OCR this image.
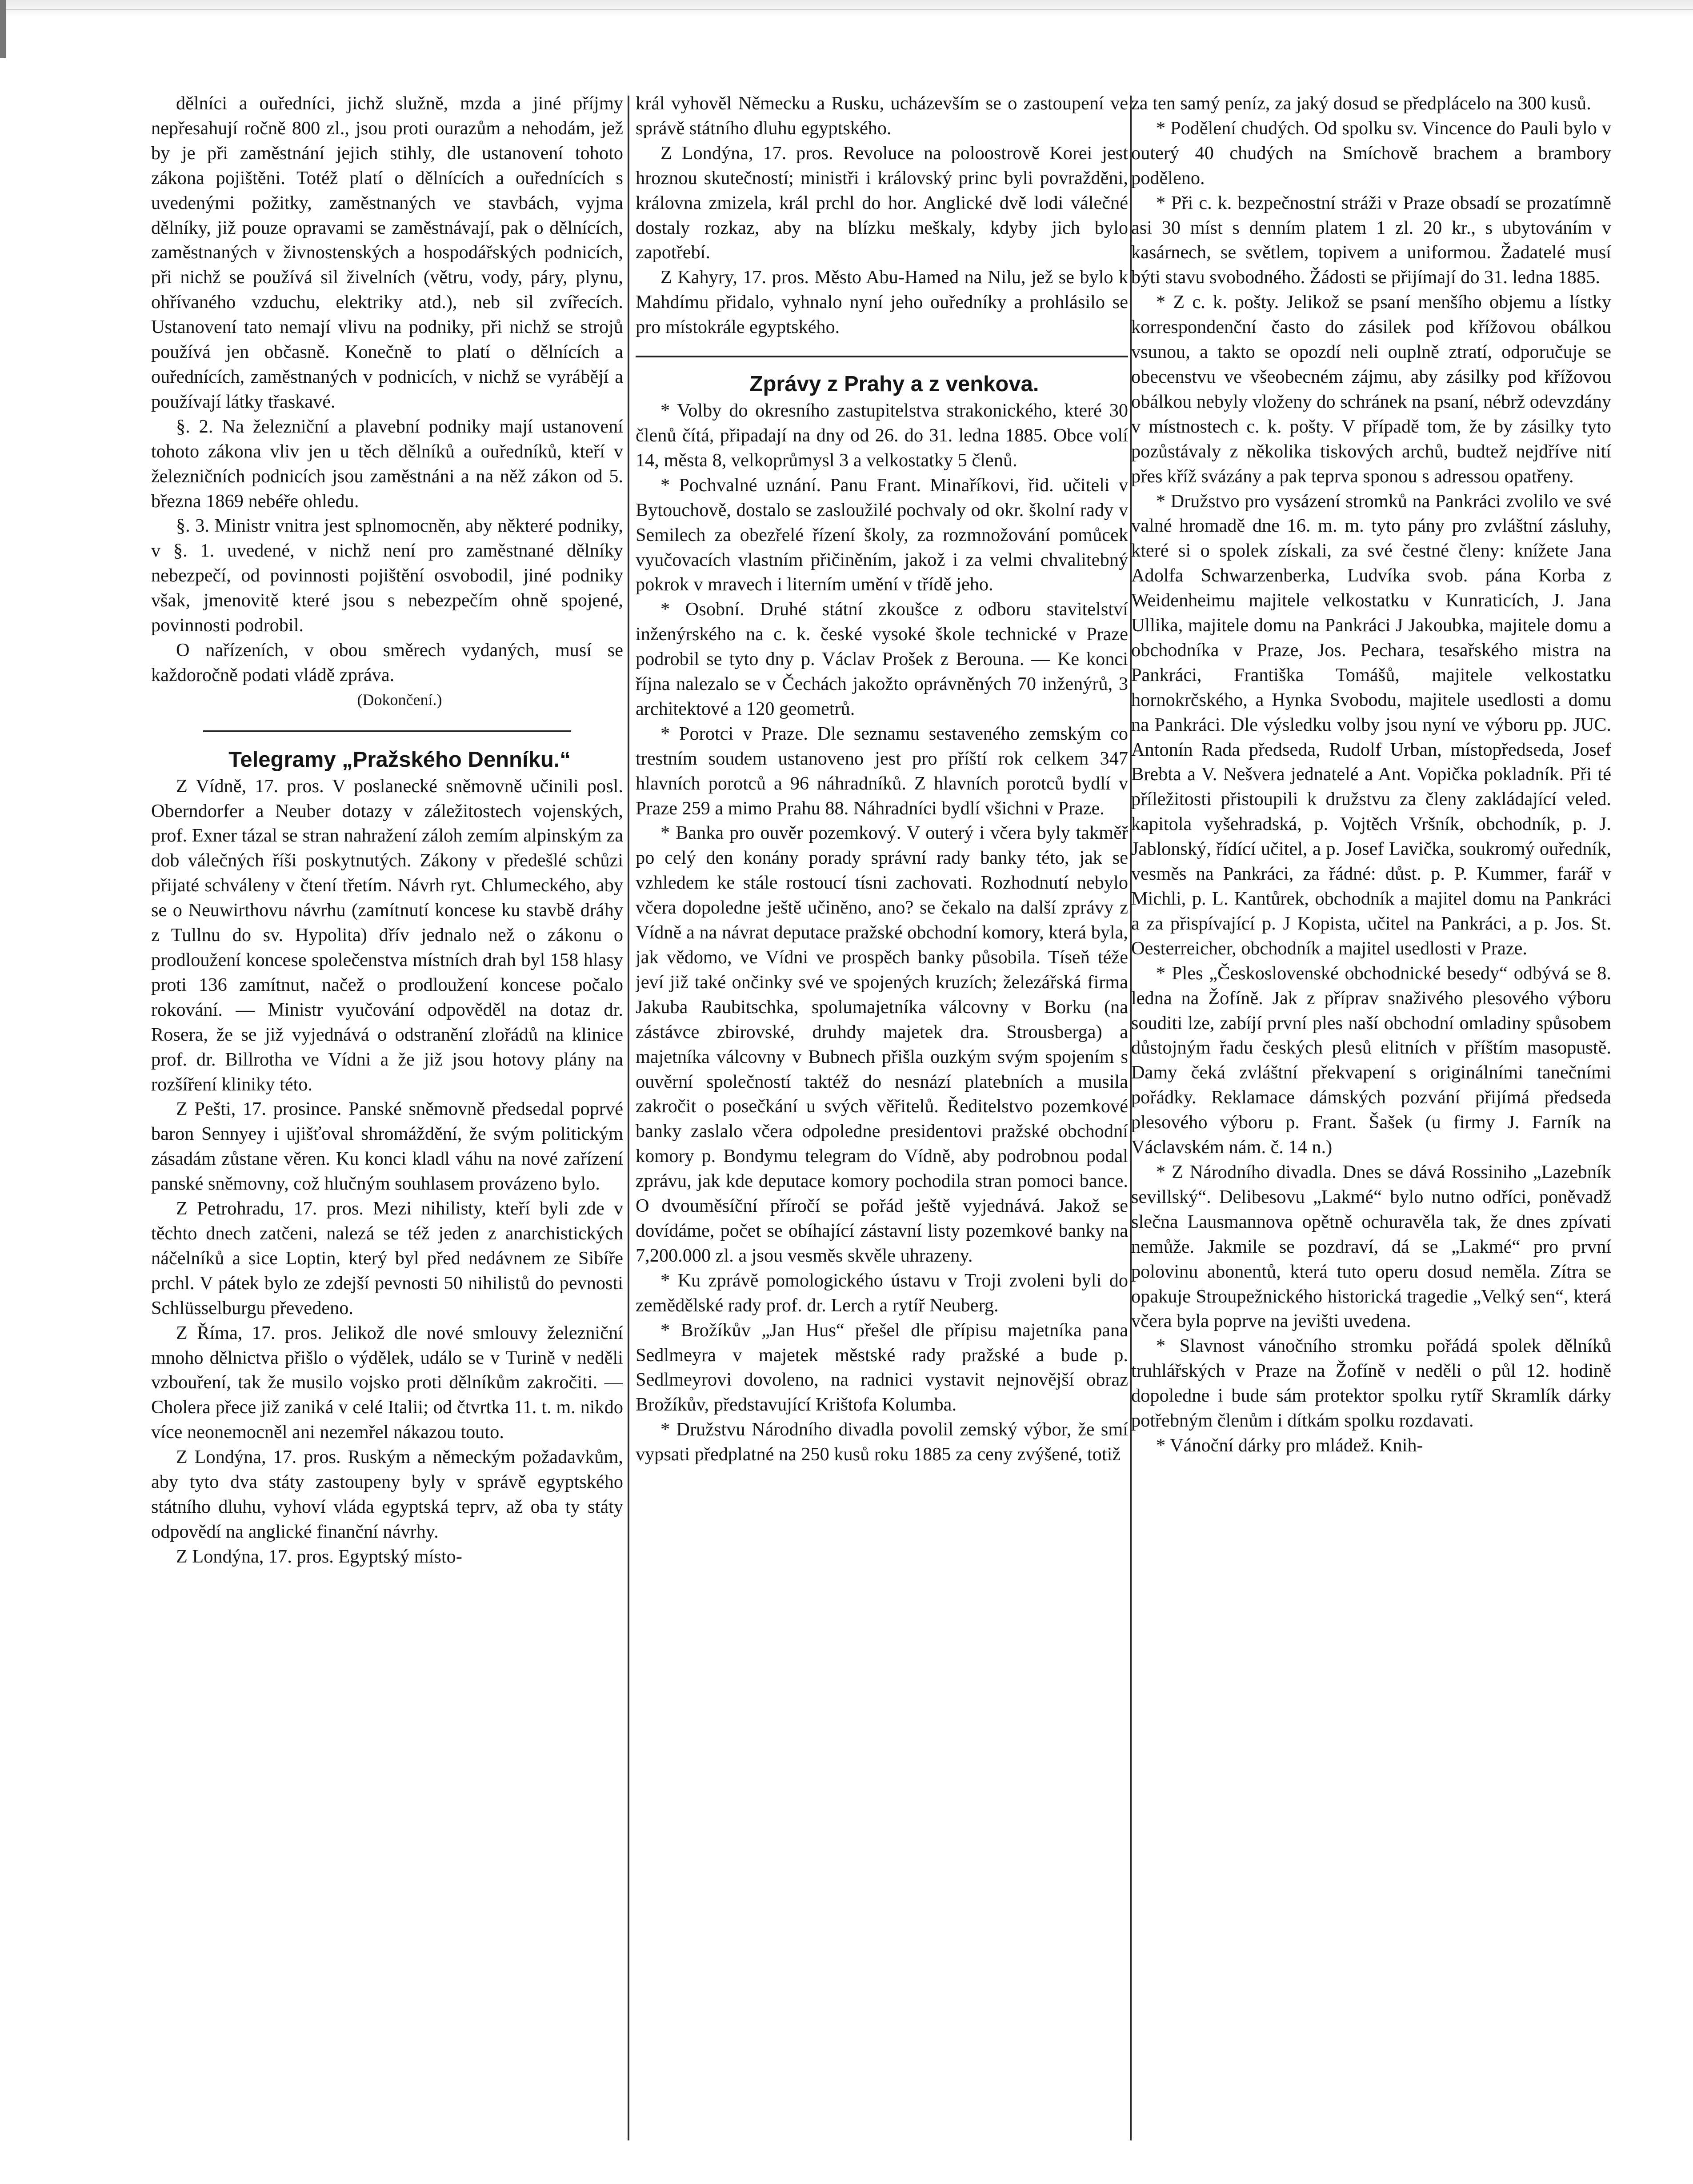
dělníci a ouředníci, jichž služně, mzda a jiné příjmy nepřesahují ročně 800 zl., jsou proti ourazům a nehodám, jež by je při zaměstnání jejich stihly, dle ustanovení tohoto zákona pojištěni. Totéž platí o dělnících a ouřednících s uvedenými požitky, zaměstnaných ve stavbách, vyjma dělníky, již pouze opravami se zaměstnávají, pak o dělnících, zaměstnaných v živnostenských a hospodářských podnicích, při nichž se používá sil živelních (větru, vody, páry, plynu, ohřívaného vzduchu, elektriky atd.), neb sil zvířecích. Ustanovení tato nemají vlivu na podniky, při nichž se strojů používá jen občasně. Konečně to platí o dělnících a ouřednících, zaměstnaných v podnicích, v nichž se vyrábějí a používají látky třaskavé.

§. 2. Na železniční a plavební podniky mají ustanovení tohoto zákona vliv jen u těch dělníků a ouředníků, kteří v železničních podnicích jsou zaměstnáni a na něž zákon od 5. března 1869 nebéře ohledu.

§. 3. Ministr vnitra jest splnomocněn, aby některé podniky, v §. 1. uvedené, v nichž není pro zaměstnané dělníky nebezpečí, od povinnosti pojištění osvobodil, jiné podniky však, jmenovitě které jsou s nebezpečím ohně spojené, povinnosti podrobil.

O nařízeních, v obou směrech vydaných, musí se každoročně podati vládě zpráva.

(Dokončení.)

Telegramy „Pražského Denníku.“

Z Vídně, 17. pros. V poslanecké sněmovně učinili posl. Oberndorfer a Neuber dotazy v záležitostech vojenských, prof. Exner tázal se stran nahražení záloh zemím alpinským za dob válečných říši poskytnutých. Zákony v předešlé schůzi přijaté schváleny v čtení třetím. Návrh ryt. Chlumeckého, aby se o Neuwirthovu návrhu (zamítnutí koncese ku stavbě dráhy z Tullnu do sv. Hypolita) dřív jednalo než o zákonu o prodloužení koncese společenstva místních drah byl 158 hlasy proti 136 zamítnut, načež o prodloužení koncese počalo rokování. — Ministr vyučování odpověděl na dotaz dr. Rosera, že se již vyjednává o odstranění zlořádů na klinice prof. dr. Billrotha ve Vídni a že již jsou hotovy plány na rozšíření kliniky této.

Z Pešti, 17. prosince. Panské sněmovně předsedal poprvé baron Sennyey i ujišťoval shromáždění, že svým politickým zásadám zůstane věren. Ku konci kladl váhu na nové zařízení panské sněmovny, což hlučným souhlasem provázeno bylo.

Z Petrohradu, 17. pros. Mezi nihilisty, kteří byli zde v těchto dnech zatčeni, nalezá se též jeden z anarchistických náčelníků a sice Loptin, který byl před nedávnem ze Sibíře prchl. V pátek bylo ze zdejší pevnosti 50 nihilistů do pevnosti Schlüsselburgu převedeno.

Z Říma, 17. pros. Jelikož dle nové smlouvy železniční mnoho dělnictva přišlo o výdělek, událo se v Turině v neděli vzbouření, tak že musilo vojsko proti dělníkům zakročiti. — Cholera přece již zaniká v celé Italii; od čtvrtka 11. t. m. nikdo více neonemocněl ani nezemřel nákazou touto.

Z Londýna, 17. pros. Ruským a německým požadavkům, aby tyto dva státy zastoupeny byly v správě egyptského státního dluhu, vyhoví vláda egyptská teprv, až oba ty státy odpovědí na anglické finanční návrhy.

Z Londýna, 17. pros. Egyptský místo-

král vyhověl Německu a Rusku, ucházevším se o zastoupení ve správě státního dluhu egyptského.

Z Londýna, 17. pros. Revoluce na poloostrově Korei jest hroznou skutečností; ministři i královský princ byli povražděni, královna zmizela, král prchl do hor. Anglické dvě lodi válečné dostaly rozkaz, aby na blízku meškaly, kdyby jich bylo zapotřebí.

Z Kahyry, 17. pros. Město Abu-Hamed na Nilu, jež se bylo k Mahdímu přidalo, vyhnalo nyní jeho ouředníky a prohlásilo se pro místokrále egyptského.

Zprávy z Prahy a z venkova.

* Volby do okresního zastupitelstva strakonického, které 30 členů čítá, připadají na dny od 26. do 31. ledna 1885. Obce volí 14, města 8, velkoprůmysl 3 a velkostatky 5 členů.

* Pochvalné uznání. Panu Frant. Minaříkovi, řid. učiteli v Bytouchově, dostalo se zasloužilé pochvaly od okr. školní rady v Semilech za obezřelé řízení školy, za rozmnožování pomůcek vyučovacích vlastním přičiněním, jakož i za velmi chvalitebný pokrok v mravech i literním umění v třídě jeho.

* Osobní. Druhé státní zkoušce z odboru stavitelství inženýrského na c. k. české vysoké škole technické v Praze podrobil se tyto dny p. Václav Prošek z Berouna. — Ke konci října nalezalo se v Čechách jakožto oprávněných 70 inženýrů, 3 architektové a 120 geometrů.

* Porotci v Praze. Dle seznamu sestaveného zemským co trestním soudem ustanoveno jest pro příští rok celkem 347 hlavních porotců a 96 náhradníků. Z hlavních porotců bydlí v Praze 259 a mimo Prahu 88. Náhradníci bydlí všichni v Praze.

* Banka pro ouvěr pozemkový. V outerý i včera byly takměř po celý den konány porady správní rady banky této, jak se vzhledem ke stále rostoucí tísni zachovati. Rozhodnutí nebylo včera dopoledne ještě učiněno, ano? se čekalo na další zprávy z Vídně a na návrat deputace pražské obchodní komory, která byla, jak vědomo, ve Vídni ve prospěch banky působila. Tíseň téže jeví již také ončinky své ve spojených kruzích; železářská firma Jakuba Raubitschka, spolumajetníka válcovny v Borku (na zástávce zbirovské, druhdy majetek dra. Strousberga) a majetníka válcovny v Bubnech přišla ouzkým svým spojením s ouvěrní společností taktéž do nesnází platebních a musila zakročit o posečkání u svých věřitelů. Ředitelstvo pozemkové banky zaslalo včera odpoledne presidentovi pražské obchodní komory p. Bondymu telegram do Vídně, aby podrobnou podal zprávu, jak kde deputace komory pochodila stran pomoci bance. O dvouměsíční příročí se pořád ještě vyjednává. Jakož se dovídáme, počet se obíhající zástavní listy pozemkové banky na 7,200.000 zl. a jsou vesměs skvěle uhrazeny.

* Ku zprávě pomologického ústavu v Troji zvoleni byli do zemědělské rady prof. dr. Lerch a rytíř Neuberg.

* Brožíkův „Jan Hus“ přešel dle přípisu majetníka pana Sedlmeyra v majetek městské rady pražské a bude p. Sedlmeyrovi dovoleno, na radnici vystavit nejnovější obraz Brožíkův, představující Krištofa Kolumba.

* Družstvu Národního divadla povolil zemský výbor, že smí vypsati předplatné na 250 kusů roku 1885 za ceny zvýšené, totiž

za ten samý peníz, za jaký dosud se předplácelo na 300 kusů.

* Podělení chudých. Od spolku sv. Vincence do Pauli bylo v outerý 40 chudých na Smíchově brachem a brambory poděleno.

* Při c. k. bezpečnostní stráži v Praze obsadí se prozatímně asi 30 míst s denním platem 1 zl. 20 kr., s ubytováním v kasárnech, se světlem, topivem a uniformou. Žadatelé musí býti stavu svobodného. Žádosti se přijímají do 31. ledna 1885.

* Z c. k. pošty. Jelikož se psaní menšího objemu a lístky korrespondenční často do zásilek pod křížovou obálkou vsunou, a takto se opozdí neli ouplně ztratí, odporučuje se obecenstvu ve všeobecném zájmu, aby zásilky pod křížovou obálkou nebyly vloženy do schránek na psaní, nébrž odevzdány v místnostech c. k. pošty. V případě tom, že by zásilky tyto pozůstávaly z několika tiskových archů, budtež nejdříve nití přes kříž svázány a pak teprva sponou s adressou opatřeny.

* Družstvo pro vysázení stromků na Pankráci zvolilo ve své valné hromadě dne 16. m. m. tyto pány pro zvláštní zásluhy, které si o spolek získali, za své čestné členy: knížete Jana Adolfa Schwarzenberka, Ludvíka svob. pána Korba z Weidenheimu majitele velkostatku v Kunraticích, J. Jana Ullika, majitele domu na Pankráci J Jakoubka, majitele domu a obchodníka v Praze, Jos. Pechara, tesařského mistra na Pankráci, Františka Tomášů, majitele velkostatku hornokrčského, a Hynka Svobodu, majitele usedlosti a domu na Pankráci. Dle výsledku volby jsou nyní ve výboru pp. JUC. Antonín Rada předseda, Rudolf Urban, místopředseda, Josef Brebta a V. Nešvera jednatelé a Ant. Vopička pokladník. Při té příležitosti přistoupili k družstvu za členy zakládající veled. kapitola vyšehradská, p. Vojtěch Vršník, obchodník, p. J. Jablonský, řídící učitel, a p. Josef Lavička, soukromý ouředník, vesměs na Pankráci, za řádné: důst. p. P. Kummer, farář v Michli, p. L. Kantůrek, obchodník a majitel domu na Pankráci a za přispívající p. J Kopista, učitel na Pankráci, a p. Jos. St. Oesterreicher, obchodník a majitel usedlosti v Praze.

* Ples „Československé obchodnické besedy“ odbývá se 8. ledna na Žofíně. Jak z příprav snaživého plesového výboru souditi lze, zabíjí první ples naší obchodní omladiny spůsobem důstojným řadu českých plesů elitních v příštím masopustě. Damy čeká zvláštní překvapení s originálními tanečními pořádky. Reklamace dámských pozvání přijímá předseda plesového výboru p. Frant. Šašek (u firmy J. Farník na Václavském nám. č. 14 n.)

* Z Národního divadla. Dnes se dává Rossiniho „Lazebník sevillský“. Delibesovu „Lakmé“ bylo nutno odříci, poněvadž slečna Lausmannova opětně ochuravěla tak, že dnes zpívati nemůže. Jakmile se pozdraví, dá se „Lakmé“ pro první polovinu abonentů, která tuto operu dosud neměla. Zítra se opakuje Stroupežnického historická tragedie „Velký sen“, která včera byla poprve na jevišti uvedena.

* Slavnost vánočního stromku pořádá spolek dělníků truhlářských v Praze na Žofíně v neděli o půl 12. hodině dopoledne i bude sám protektor spolku rytíř Skramlík dárky potřebným členům i dítkám spolku rozdavati.

* Vánoční dárky pro mládež. Knih-
